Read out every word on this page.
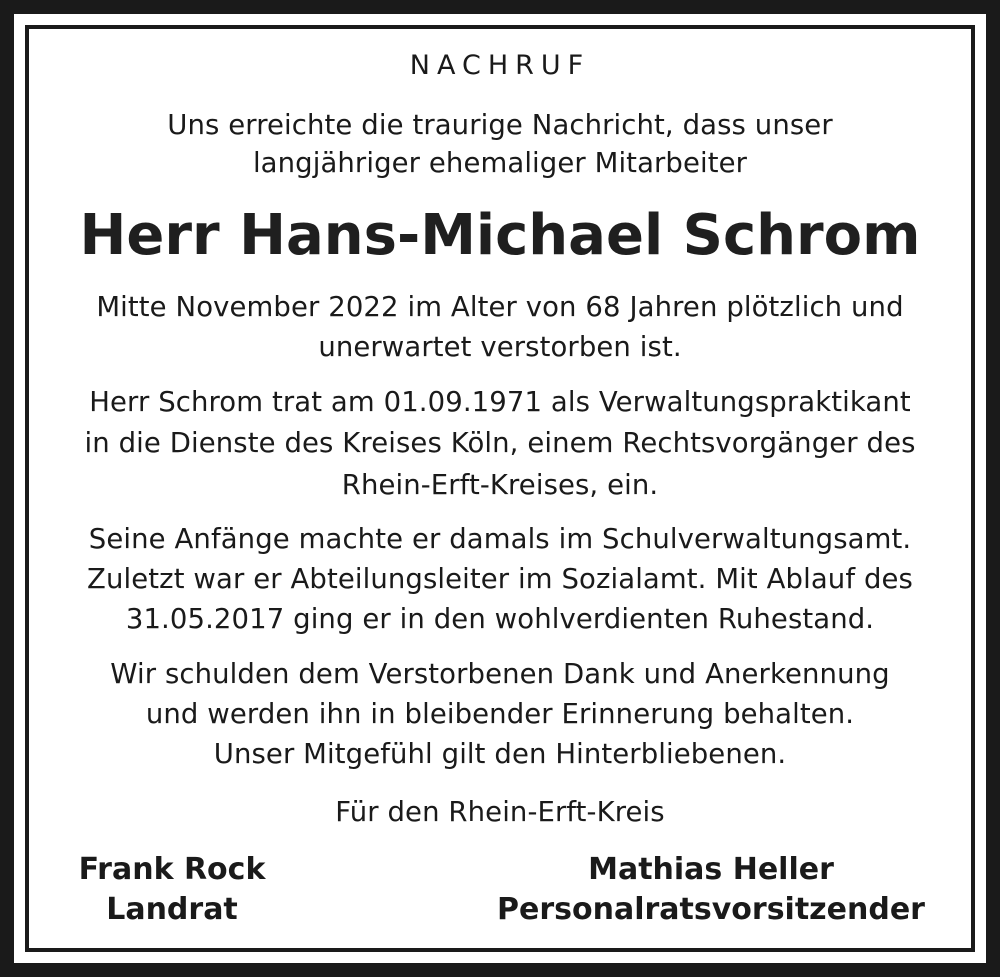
NACHRUF
Uns erreichte die traurige Nachricht, dass unser
langjähriger ehemaliger Mitarbeiter
Herr Hans-Michael Schrom
Mitte November 2022 im Alter von 68 Jahren plötzlich und
unerwartet verstorben ist.
Herr Schrom trat am 01.09.1971 als Verwaltungspraktikant
in die Dienste des Kreises Köln, einem Rechtsvorgänger des
Rhein-Erft-Kreises, ein.
Seine Anfänge machte er damals im Schulverwaltungsamt.
Zuletzt war er Abteilungsleiter im Sozialamt. Mit Ablauf des
31.05.2017 ging er in den wohlverdienten Ruhestand.
Wir schulden dem Verstorbenen Dank und Anerkennung
und werden ihn in bleibender Erinnerung behalten.
Unser Mitgefühl gilt den Hinterbliebenen.
Für den Rhein-Erft-Kreis
Frank Rock
Landrat
Mathias Heller
Personalratsvorsitzender
